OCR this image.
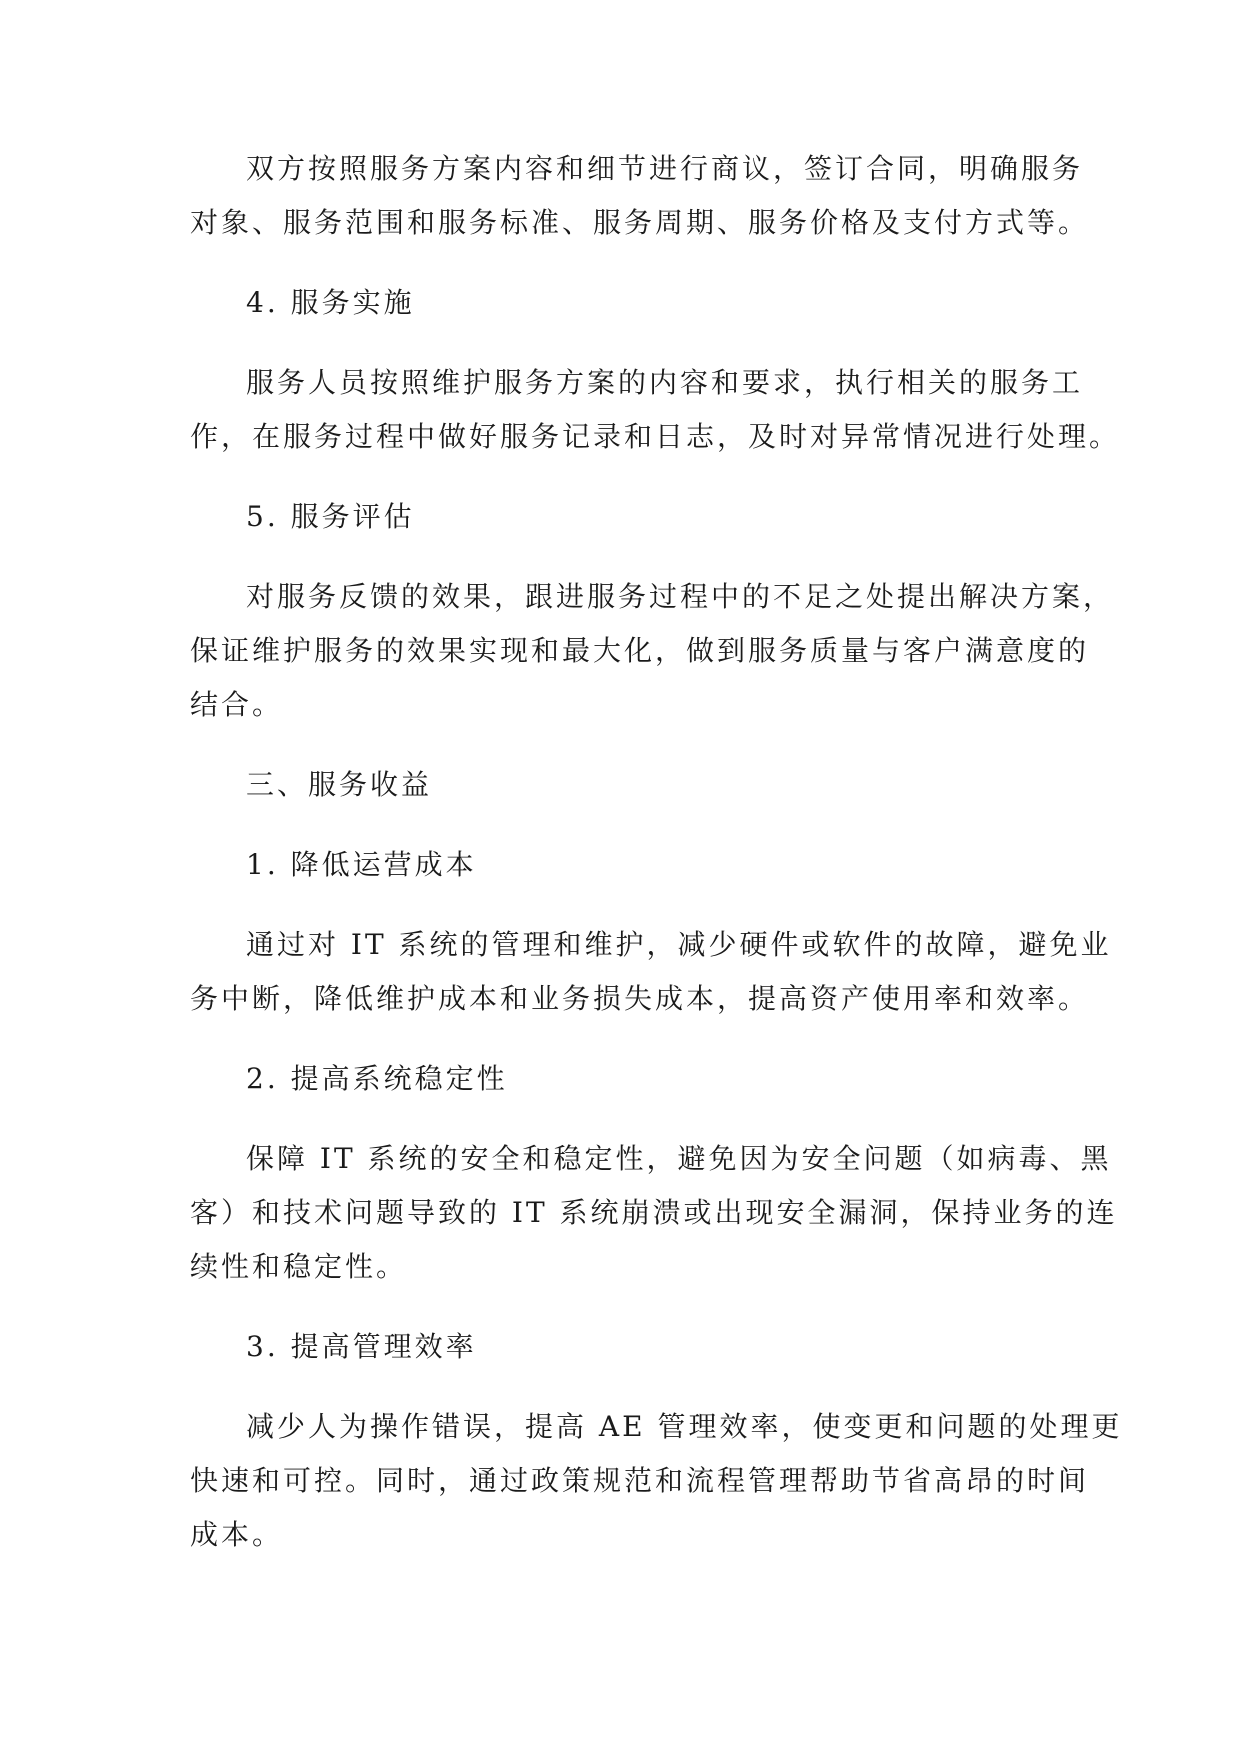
双方按照服务方案内容和细节进行商议，签订合同，明确服务
对象、服务范围和服务标准、服务周期、服务价格及支付方式等。
4. 服务实施
服务人员按照维护服务方案的内容和要求，执行相关的服务工
作，在服务过程中做好服务记录和日志，及时对异常情况进行处理。
5. 服务评估
对服务反馈的效果，跟进服务过程中的不足之处提出解决方案，
保证维护服务的效果实现和最大化，做到服务质量与客户满意度的
结合。
三、服务收益
1. 降低运营成本
通过对 IT 系统的管理和维护，减少硬件或软件的故障，避免业
务中断，降低维护成本和业务损失成本，提高资产使用率和效率。
2. 提高系统稳定性
保障 IT 系统的安全和稳定性，避免因为安全问题（如病毒、黑
客）和技术问题导致的 IT 系统崩溃或出现安全漏洞，保持业务的连
续性和稳定性。
3. 提高管理效率
减少人为操作错误，提高 AE 管理效率，使变更和问题的处理更
快速和可控。同时，通过政策规范和流程管理帮助节省高昂的时间
成本。
